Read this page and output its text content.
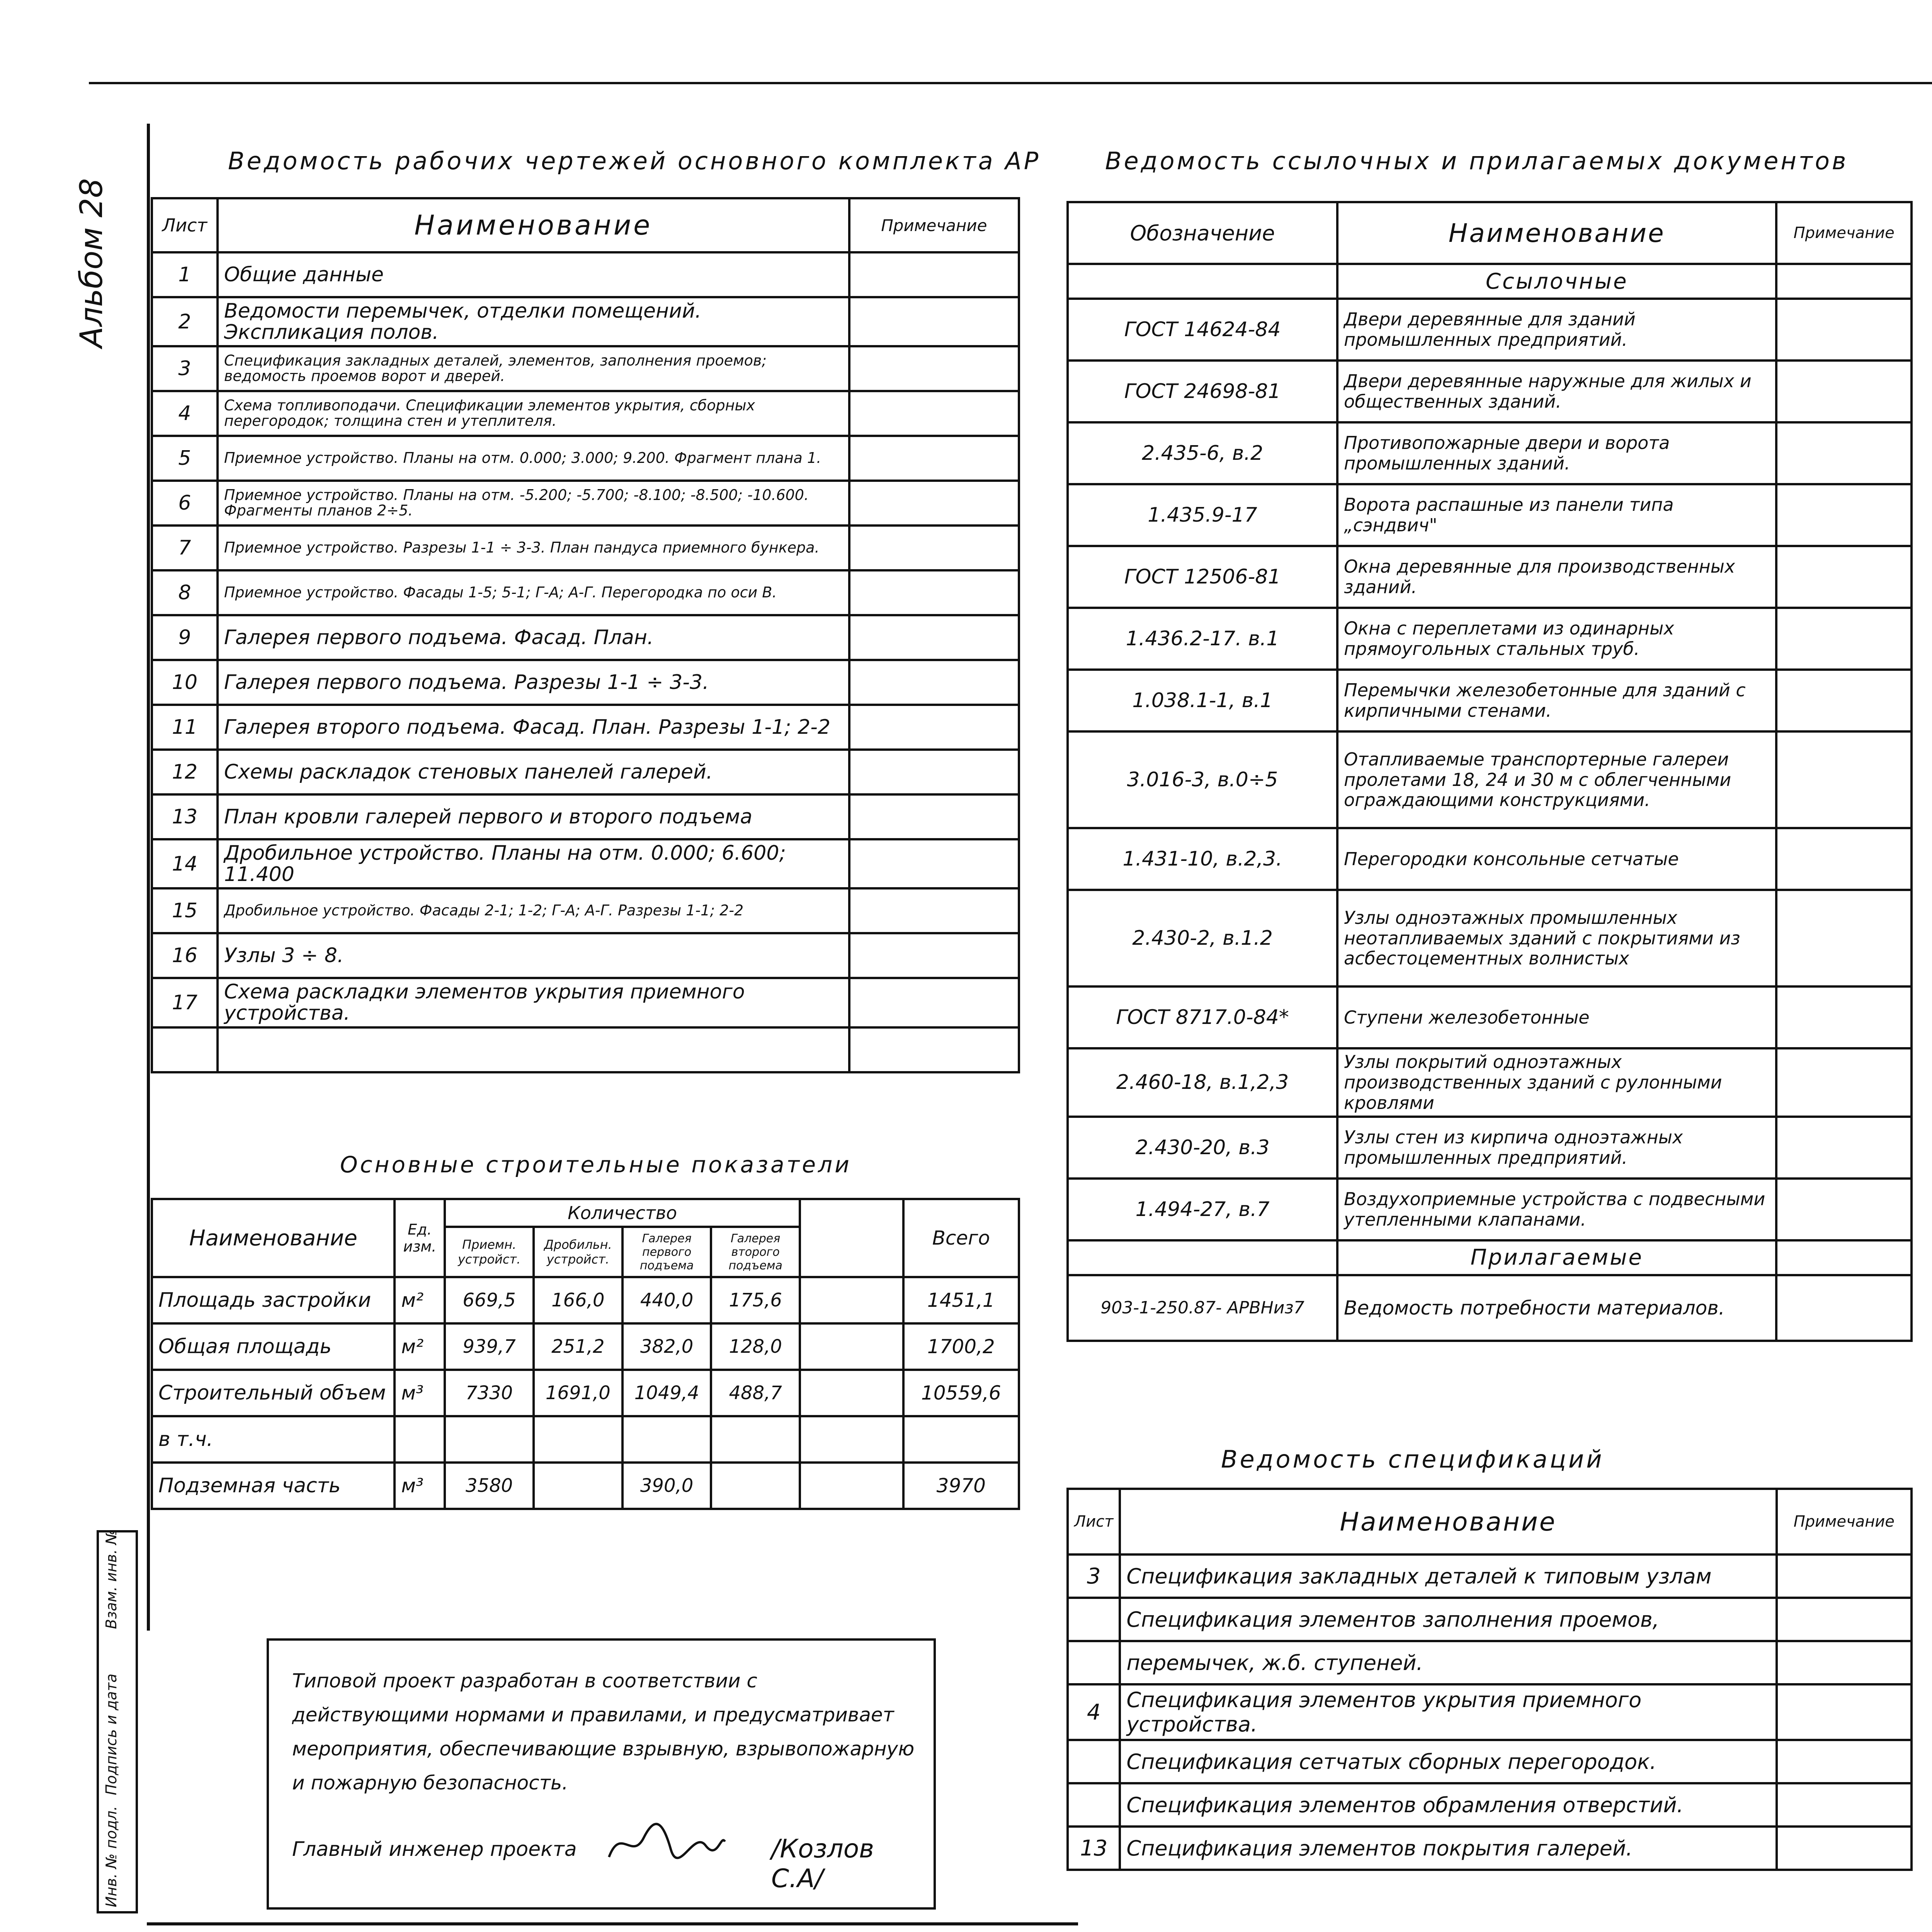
Альбом 28
Инв. № подл.
Подпись и дата
Взам. инв. №
Ведомость рабочих чертежей основного комплекта АР
Лист	Наименование	Примечание
1	Общие данные	
2	Ведомости перемычек, отделки помещений. Экспликация полов.	
3	Спецификация закладных деталей, элементов, заполнения проемов; ведомость проемов ворот и дверей.	
4	Схема топливоподачи. Спецификации элементов укрытия, сборных перегородок; толщина стен и утеплителя.	
5	Приемное устройство. Планы на отм. 0.000; 3.000; 9.200. Фрагмент плана 1.	
6	Приемное устройство. Планы на отм. -5.200; -5.700; -8.100; -8.500; -10.600. Фрагменты планов 2÷5.	
7	Приемное устройство. Разрезы 1-1 ÷ 3-3. План пандуса приемного бункера.	
8	Приемное устройство. Фасады 1-5; 5-1; Г-А; А-Г. Перегородка по оси В.	
9	Галерея первого подъема. Фасад. План.	
10	Галерея первого подъема. Разрезы 1-1 ÷ 3-3.	
11	Галерея второго подъема. Фасад. План. Разрезы 1-1; 2-2	
12	Схемы раскладок стеновых панелей галерей.	
13	План кровли галерей первого и второго подъема	
14	Дробильное устройство. Планы на отм. 0.000; 6.600; 11.400	
15	Дробильное устройство. Фасады 2-1; 1-2; Г-А; А-Г. Разрезы 1-1; 2-2	
16	Узлы 3 ÷ 8.	
17	Схема раскладки элементов укрытия приемного устройства.	

Основные строительные показатели
Наименование	Ед. изм.	Количество					Всего
		Приемн. устройст.	Дробильн. устройст.	Галерея первого подъема	Галерея второго подъема		
Площадь застройки	м²	669,5	166,0	440,0	175,6		1451,1
Общая площадь	м²	939,7	251,2	382,0	128,0		1700,2
Строительный объем	м³	7330	1691,0	1049,4	488,7		10559,6
в т.ч.							
Подземная часть	м³	3580		390,0			3970
Типовой проект разработан в соответствии с действующими нормами и правилами, и предусматривает мероприятия, обеспечивающие взрывную, взрывопожарную и пожарную безопасность.
Главный инженер проекта	/Козлов С.А/
Ведомость ссылочных и прилагаемых документов
Обозначение	Наименование	Примечание
	Ссылочные	
ГОСТ 14624-84	Двери деревянные для зданий промышленных предприятий.	
ГОСТ 24698-81	Двери деревянные наружные для жилых и общественных зданий.	
2.435-6, в.2	Противопожарные двери и ворота промышленных зданий.	
1.435.9-17	Ворота распашные из панели типа „сэндвич"	
ГОСТ 12506-81	Окна деревянные для производственных зданий.	
1.436.2-17. в.1	Окна с переплетами из одинарных прямоугольных стальных труб.	
1.038.1-1, в.1	Перемычки железобетонные для зданий с кирпичными стенами.	
3.016-3, в.0÷5	Отапливаемые транспортерные галереи пролетами 18, 24 и 30 м с облегченными ограждающими конструкциями.	
1.431-10, в.2,3.	Перегородки консольные сетчатые	
2.430-2, в.1.2	Узлы одноэтажных промышленных неотапливаемых зданий с покрытиями из асбестоцементных волнистых	
ГОСТ 8717.0-84*	Ступени железобетонные	
2.460-18, в.1,2,3	Узлы покрытий одноэтажных производственных зданий с рулонными кровлями	
2.430-20, в.3	Узлы стен из кирпича одноэтажных промышленных предприятий.	
1.494-27, в.7	Воздухоприемные устройства с подвесными утепленными клапанами.	
	Прилагаемые	
903-1-250.87- АРВНиз7	Ведомость потребности материалов.	
Ведомость спецификаций
Лист	Наименование	Примечание
3	Спецификация закладных деталей к типовым узлам	
	Спецификация элементов заполнения проемов,	
	перемычек, ж.б. ступеней.	
4	Спецификация элементов укрытия приемного устройства.	
	Спецификация сетчатых сборных перегородок.	
	Спецификация элементов обрамления отверстий.	
13	Спецификация элементов покрытия галерей.	
